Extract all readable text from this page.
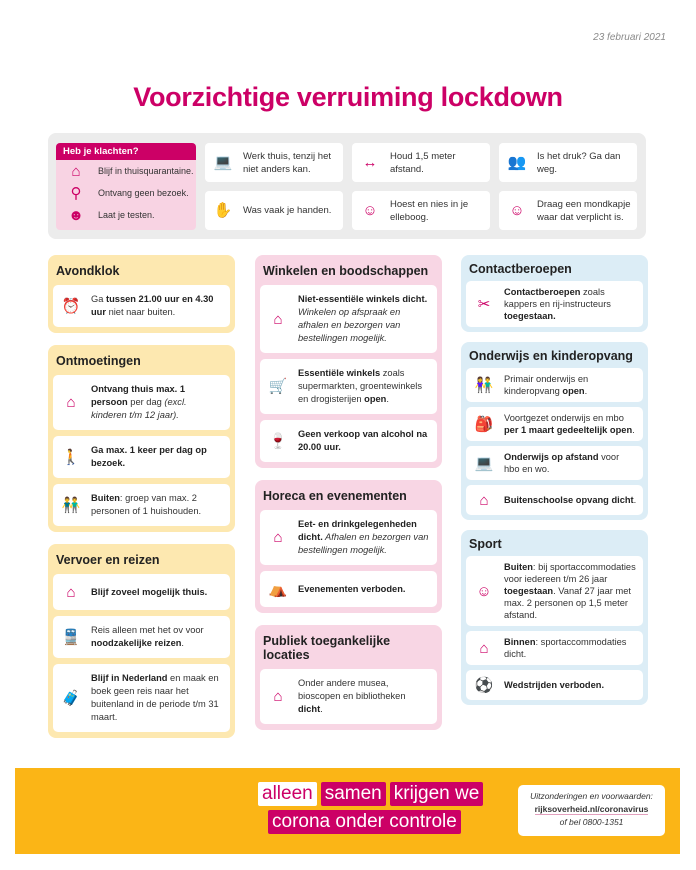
23 februari 2021
Voorzichtige verruiming lockdown
Heb je klachten?
⌂	Blijf in thuisquarantaine.
⚲	Ontvang geen bezoek.
☻	Laat je testen.
💻 Werk thuis, tenzij het niet anders kan.	↔	Houd 1,5 meter afstand.	👥 Is het druk? Ga dan weg.
✋ Was vaak je handen. ☺	Hoest en nies in je elleboog.	☺	Draag een mondkapje waar dat verplicht is.
Avondklok
⏰ Ga tussen 21.00 uur en 4.30 uur niet naar buiten.
Ontmoetingen
⌂
Ontvang thuis max. 1 persoon per dag (excl. kinderen t/m 12 jaar).
🚶 Ga max. 1 keer per dag op bezoek.
👬 Buiten: groep van max. 2 personen of 1 huishouden.
Vervoer en reizen
⌂	Blijf zoveel mogelijk thuis.
🚆 Reis alleen met het ov voor noodzakelijke reizen.
🧳
Blijf in Nederland en maak en boek geen reis naar het buitenland in de periode t/m 31 maart.
Winkelen en boodschappen
⌂
Niet-essentiële winkels dicht. Winkelen op afspraak en afhalen en bezorgen van bestellingen mogelijk.
🛒
Essentiële winkels zoals supermarkten, groentewinkels en drogisterijen open.
🍷 Geen verkoop van alcohol na 20.00 uur.
Horeca en evenementen
⌂
Eet- en drinkgelegenheden dicht. Afhalen en bezorgen van bestellingen mogelijk.
⛺ Evenementen verboden.
Publiek toegankelijke locaties
⌂
Onder andere musea, bioscopen en bibliotheken dicht.
Contactberoepen
✂
Contactberoepen zoals kappers en rij-instructeurs toegestaan.
Onderwijs en kinderopvang
👫 Primair onderwijs en kinderopvang open.
🎒 Voortgezet onderwijs en mbo per 1 maart gedeeltelijk open.
💻 Onderwijs op afstand voor hbo en wo.
⌂	Buitenschoolse opvang dicht.
Sport
☺
Buiten: bij sportaccommodaties voor iedereen t/m 26 jaar toegestaan. Vanaf 27 jaar met max. 2 personen op 1,5 meter afstand.
⌂	Binnen: sportaccommodaties dicht.
⚽ Wedstrijden verboden.
alleen samen krijgen we
corona onder controle
Uitzonderingen en voorwaarden:
rijksoverheid.nl/coronavirus
of bel 0800-1351
